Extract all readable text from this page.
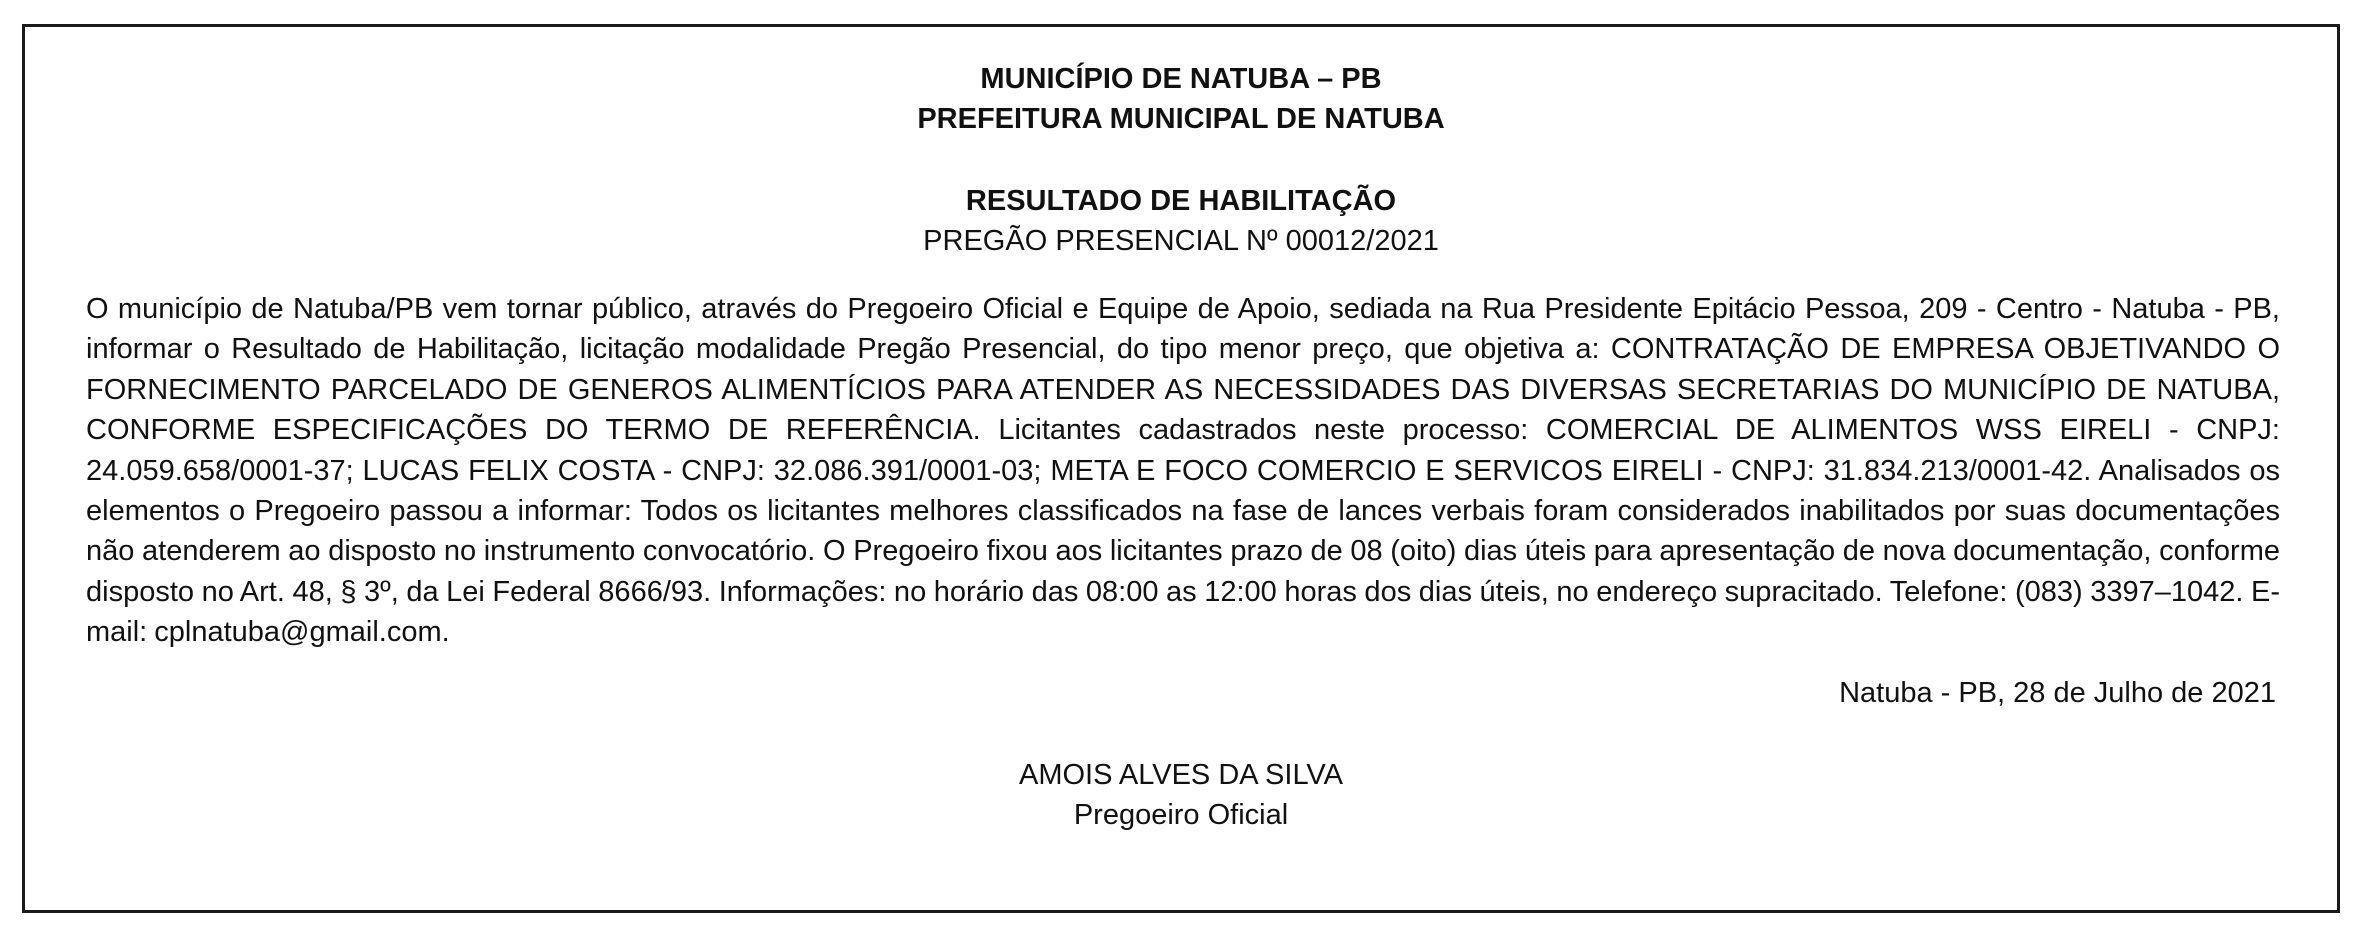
MUNICÍPIO DE NATUBA – PB
PREFEITURA MUNICIPAL DE NATUBA
RESULTADO DE HABILITAÇÃO
PREGÃO PRESENCIAL Nº 00012/2021
O município de Natuba/PB vem tornar público, através do Pregoeiro Oficial e Equipe de Apoio, sediada na Rua Presidente Epitácio Pessoa, 209 - Centro - Natuba - PB, informar o Resultado de Habilitação, licitação modalidade Pregão Presencial, do tipo menor preço, que objetiva a: CONTRATAÇÃO DE EMPRESA OBJETIVANDO O FORNECIMENTO PARCELADO DE GENEROS ALIMENTÍCIOS PARA ATENDER AS NECESSIDADES DAS DIVERSAS SECRETARIAS DO MUNICÍPIO DE NATUBA, CONFORME ESPECIFICAÇÕES DO TERMO DE REFERÊNCIA. Licitantes cadastrados neste processo: COMERCIAL DE ALIMENTOS WSS EIRELI - CNPJ: 24.059.658/0001-37; LUCAS FELIX COSTA - CNPJ: 32.086.391/0001-03; META E FOCO COMERCIO E SERVICOS EIRELI - CNPJ: 31.834.213/0001-42. Analisados os elementos o Pregoeiro passou a informar: Todos os licitantes melhores classificados na fase de lances verbais foram considerados inabilitados por suas documentações não atenderem ao disposto no instrumento convocatório. O Pregoeiro fixou aos licitantes prazo de 08 (oito) dias úteis para apresentação de nova documentação, conforme disposto no Art. 48, § 3º, da Lei Federal 8666/93. Informações: no horário das 08:00 as 12:00 horas dos dias úteis, no endereço supracitado. Telefone: (083) 3397–1042. E-mail: cplnatuba@gmail.com.
Natuba - PB, 28 de Julho de 2021
AMOIS ALVES DA SILVA
Pregoeiro Oficial
